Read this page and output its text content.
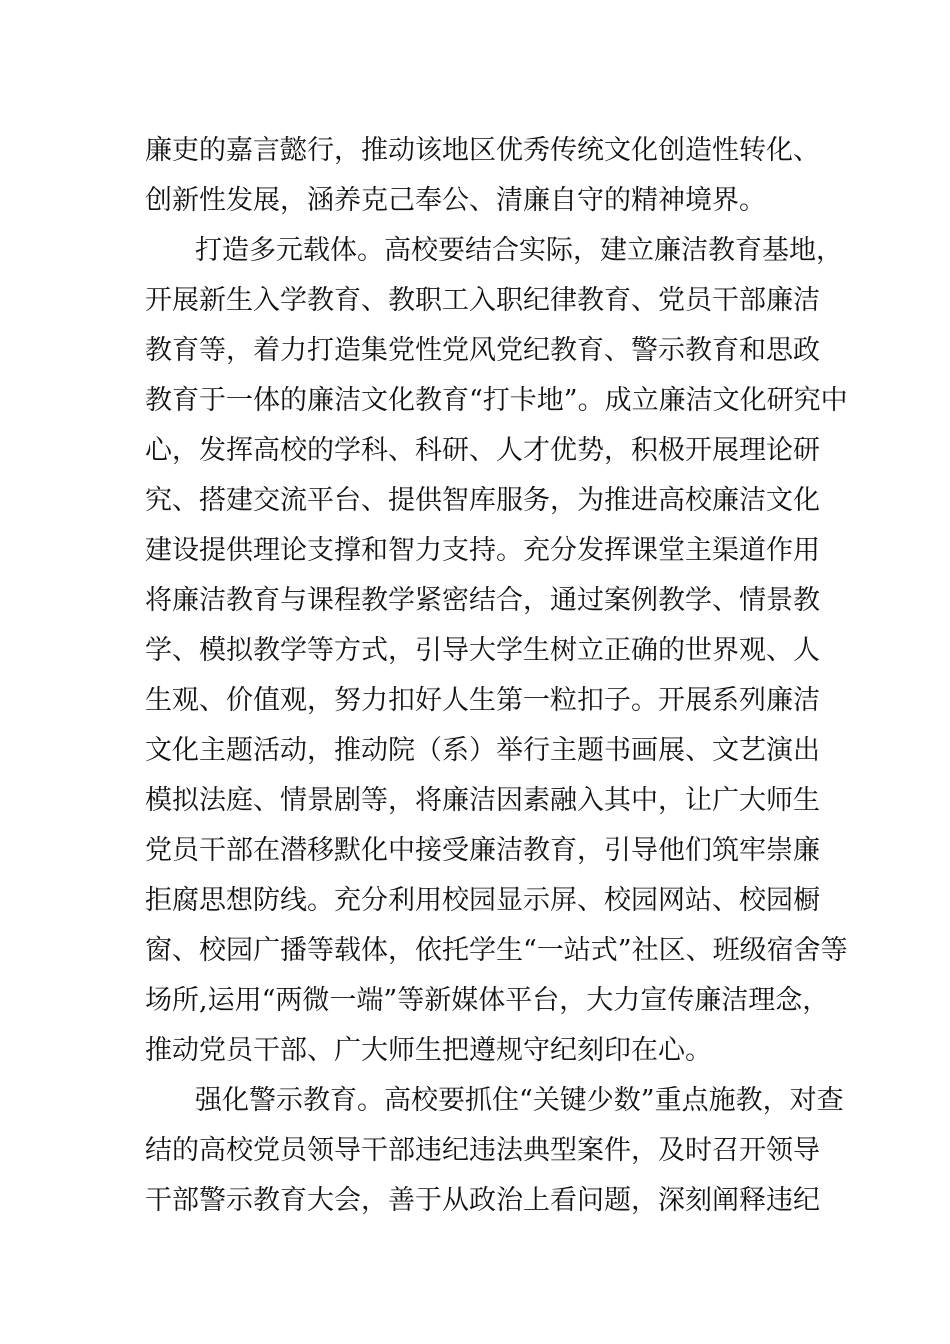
廉吏的嘉言懿行，推动该地区优秀传统文化创造性转化、
创新性发展，涵养克己奉公、清廉自守的精神境界。
打造多元载体。高校要结合实际，建立廉洁教育基地，
开展新生入学教育、教职工入职纪律教育、党员干部廉洁
教育等，着力打造集党性党风党纪教育、警示教育和思政
教育于一体的廉洁文化教育“打卡地”。成立廉洁文化研究中
心，发挥高校的学科、科研、人才优势，积极开展理论研
究、搭建交流平台、提供智库服务，为推进高校廉洁文化
建设提供理论支撑和智力支持。充分发挥课堂主渠道作用
将廉洁教育与课程教学紧密结合，通过案例教学、情景教
学、模拟教学等方式，引导大学生树立正确的世界观、人
生观、价值观，努力扣好人生第一粒扣子。开展系列廉洁
文化主题活动，推动院（系）举行主题书画展、文艺演出
模拟法庭、情景剧等，将廉洁因素融入其中，让广大师生
党员干部在潜移默化中接受廉洁教育，引导他们筑牢崇廉
拒腐思想防线。充分利用校园显示屏、校园网站、校园橱
窗、校园广播等载体，依托学生“一站式”社区、班级宿舍等
场所,运用“两微一端”等新媒体平台，大力宣传廉洁理念，
推动党员干部、广大师生把遵规守纪刻印在心。
强化警示教育。高校要抓住“关键少数”重点施教，对查
结的高校党员领导干部违纪违法典型案件，及时召开领导
干部警示教育大会，善于从政治上看问题，深刻阐释违纪
